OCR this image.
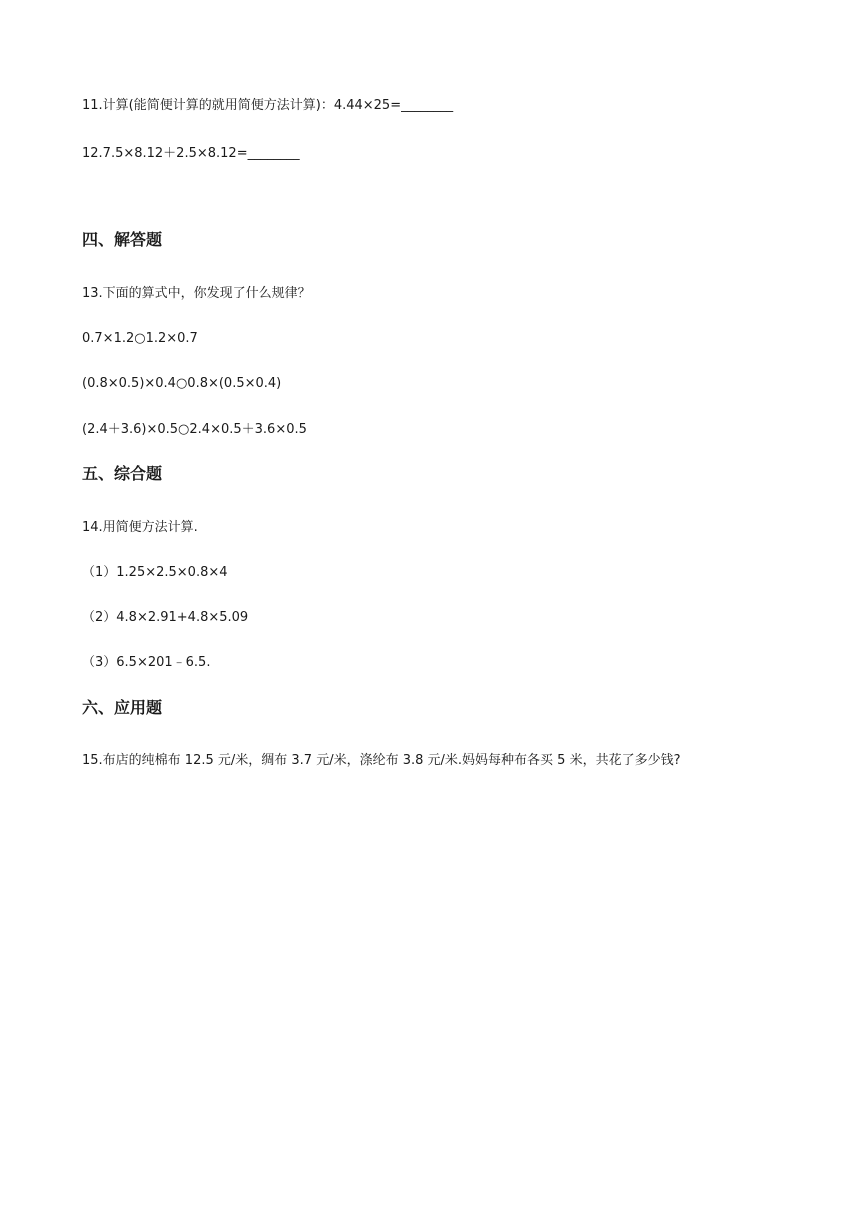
11.计算(能简便计算的就用简便方法计算)：4.44×25=________
12.7.5×8.12＋2.5×8.12=________
四、解答题
13.下面的算式中，你发现了什么规律？
0.7×1.2○1.2×0.7
(0.8×0.5)×0.4○0.8×(0.5×0.4)
(2.4＋3.6)×0.5○2.4×0.5＋3.6×0.5
五、综合题
14.用简便方法计算.
（1）1.25×2.5×0.8×4
（2）4.8×2.91+4.8×5.09
（3）6.5×201﹣6.5.
六、应用题
15.布店的纯棉布 12.5 元/米，绸布 3.7 元/米，涤纶布 3.8 元/米.妈妈每种布各买 5 米，共花了多少钱?
